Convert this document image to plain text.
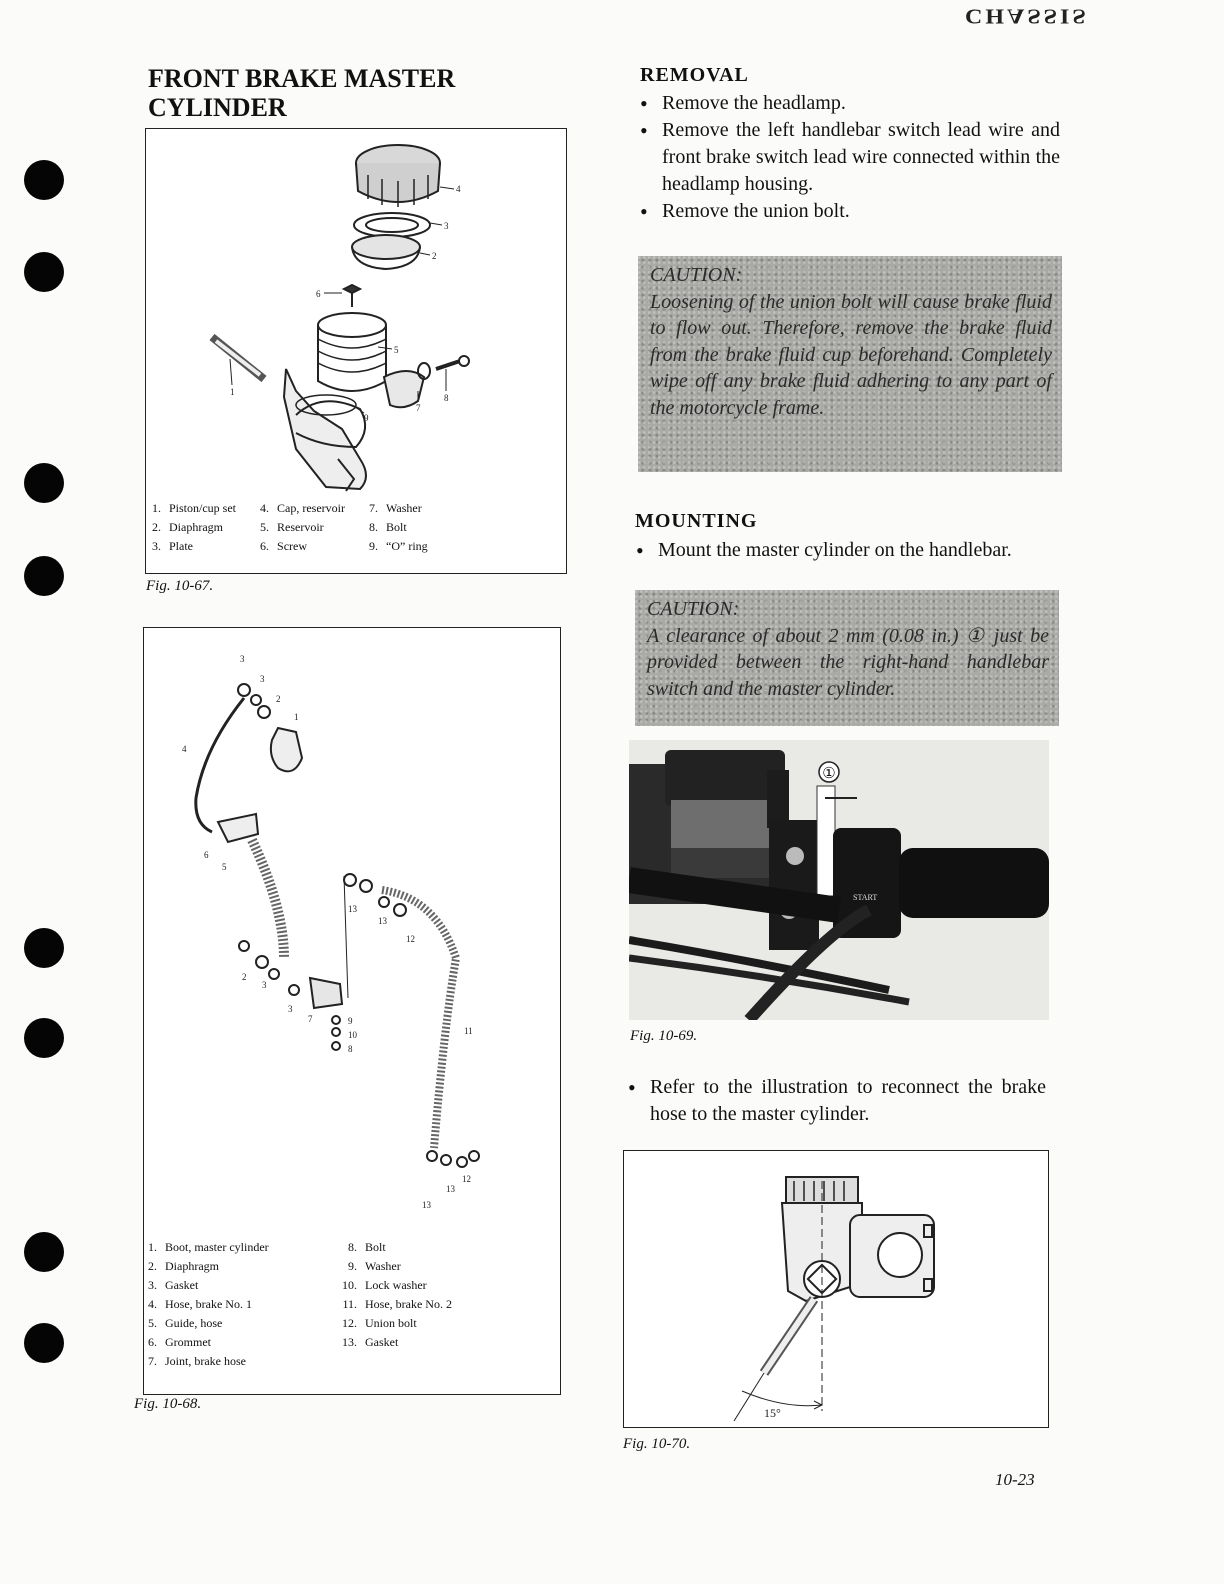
CHASSIS
FRONT BRAKE MASTER CYLINDER
4
3
2
6
5
1
7
8
9
1.	Piston/cup set	4.	Cap, reservoir	7.	Washer
2.	Diaphragm	5.	Reservoir	8.	Bolt
3.	Plate	6.	Screw	9.	“O” ring
Fig. 10-67.
3
3
2
1
4
6
5
13
13
12
2
3
3
7	9
10
8
11
12
13
13
1.	Boot, master cylinder
2.	Diaphragm
3.	Gasket
4.	Hose, brake No. 1
5.	Guide, hose
6.	Grommet
7.	Joint, brake hose
8.	Bolt
9.	Washer
10.	Lock washer
11.	Hose, brake No. 2
12.	Union bolt
13.	Gasket
Fig. 10-68.
REMOVAL
• Remove the headlamp.
• Remove the left handlebar switch lead wire and front brake switch lead wire connected within the headlamp housing.
• Remove the union bolt.
CAUTION:
Loosening of the union bolt will cause brake fluid to flow out. Therefore, remove the brake fluid from the brake fluid cup beforehand. Completely wipe off any brake fluid adhering to any part of the motorcycle frame.
MOUNTING
• Mount the master cylinder on the handlebar.
CAUTION:
A clearance of about 2 mm (0.08 in.) ① just be provided between the right-hand handlebar switch and the master cylinder.
START
①
Fig. 10-69.
• Refer to the illustration to reconnect the brake hose to the master cylinder.
15°
Fig. 10-70.
10-23
